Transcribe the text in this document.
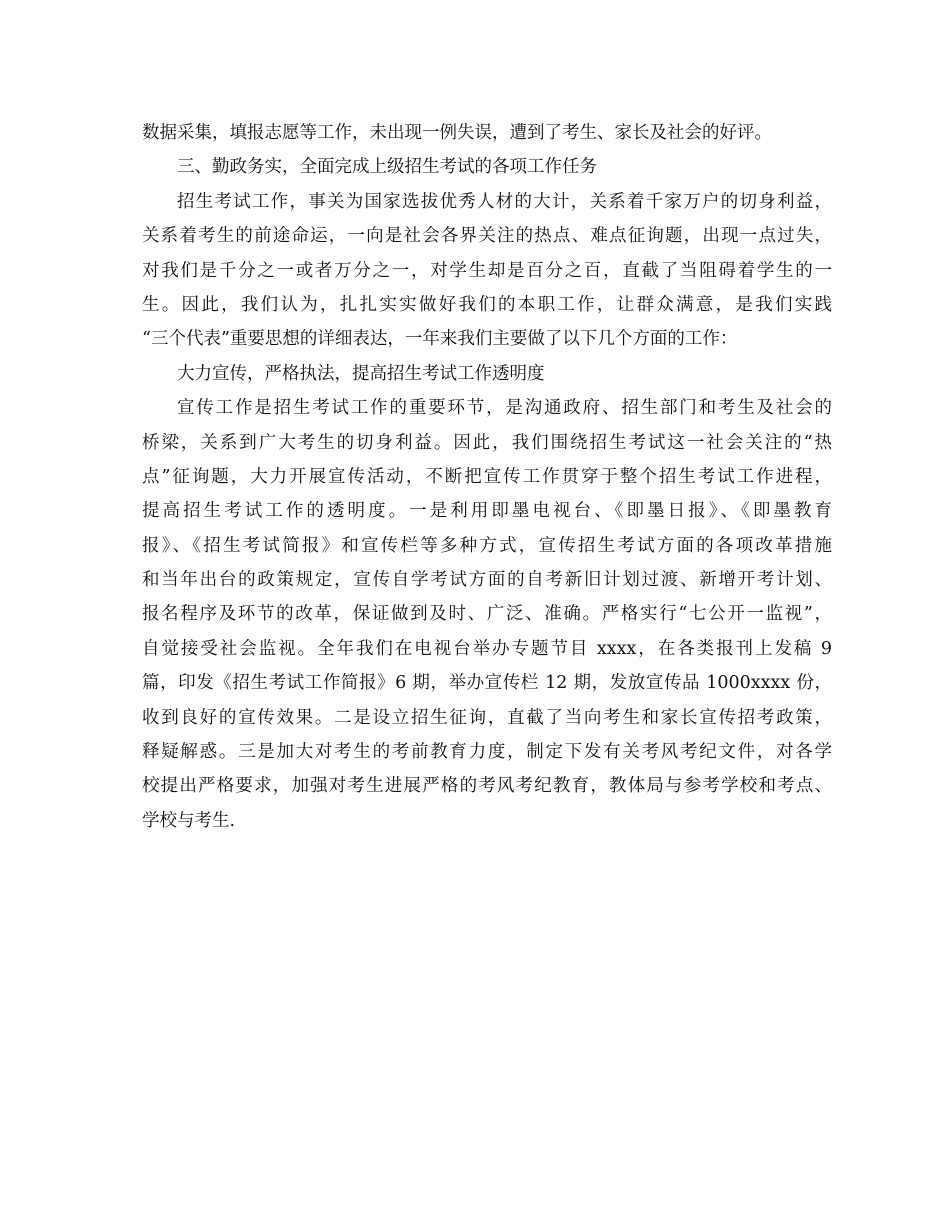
数据采集，填报志愿等工作，未出现一例失误，遭到了考生、家长及社会的好评。
三、勤政务实，全面完成上级招生考试的各项工作任务
招生考试工作，事关为国家选拔优秀人材的大计，关系着千家万户的切身利益，
关系着考生的前途命运，一向是社会各界关注的热点、难点征询题，出现一点过失，
对我们是千分之一或者万分之一，对学生却是百分之百，直截了当阻碍着学生的一
生。因此，我们认为，扎扎实实做好我们的本职工作，让群众满意，是我们实践
“三个代表”重要思想的详细表达，一年来我们主要做了以下几个方面的工作：
大力宣传，严格执法，提高招生考试工作透明度
宣传工作是招生考试工作的重要环节，是沟通政府、招生部门和考生及社会的
桥梁，关系到广大考生的切身利益。因此，我们围绕招生考试这一社会关注的“热
点”征询题，大力开展宣传活动，不断把宣传工作贯穿于整个招生考试工作进程，
提高招生考试工作的透明度。一是利用即墨电视台、《即墨日报》、《即墨教育
报》、《招生考试简报》和宣传栏等多种方式，宣传招生考试方面的各项改革措施
和当年出台的政策规定，宣传自学考试方面的自考新旧计划过渡、新增开考计划、
报名程序及环节的改革，保证做到及时、广泛、准确。严格实行“七公开一监视”，
自觉接受社会监视。全年我们在电视台举办专题节目 xxxx，在各类报刊上发稿 9
篇，印发《招生考试工作简报》6 期，举办宣传栏 12 期，发放宣传品 1000xxxx 份，
收到良好的宣传效果。二是设立招生征询，直截了当向考生和家长宣传招考政策，
释疑解惑。三是加大对考生的考前教育力度，制定下发有关考风考纪文件，对各学
校提出严格要求，加强对考生进展严格的考风考纪教育，教体局与参考学校和考点、
学校与考生.
